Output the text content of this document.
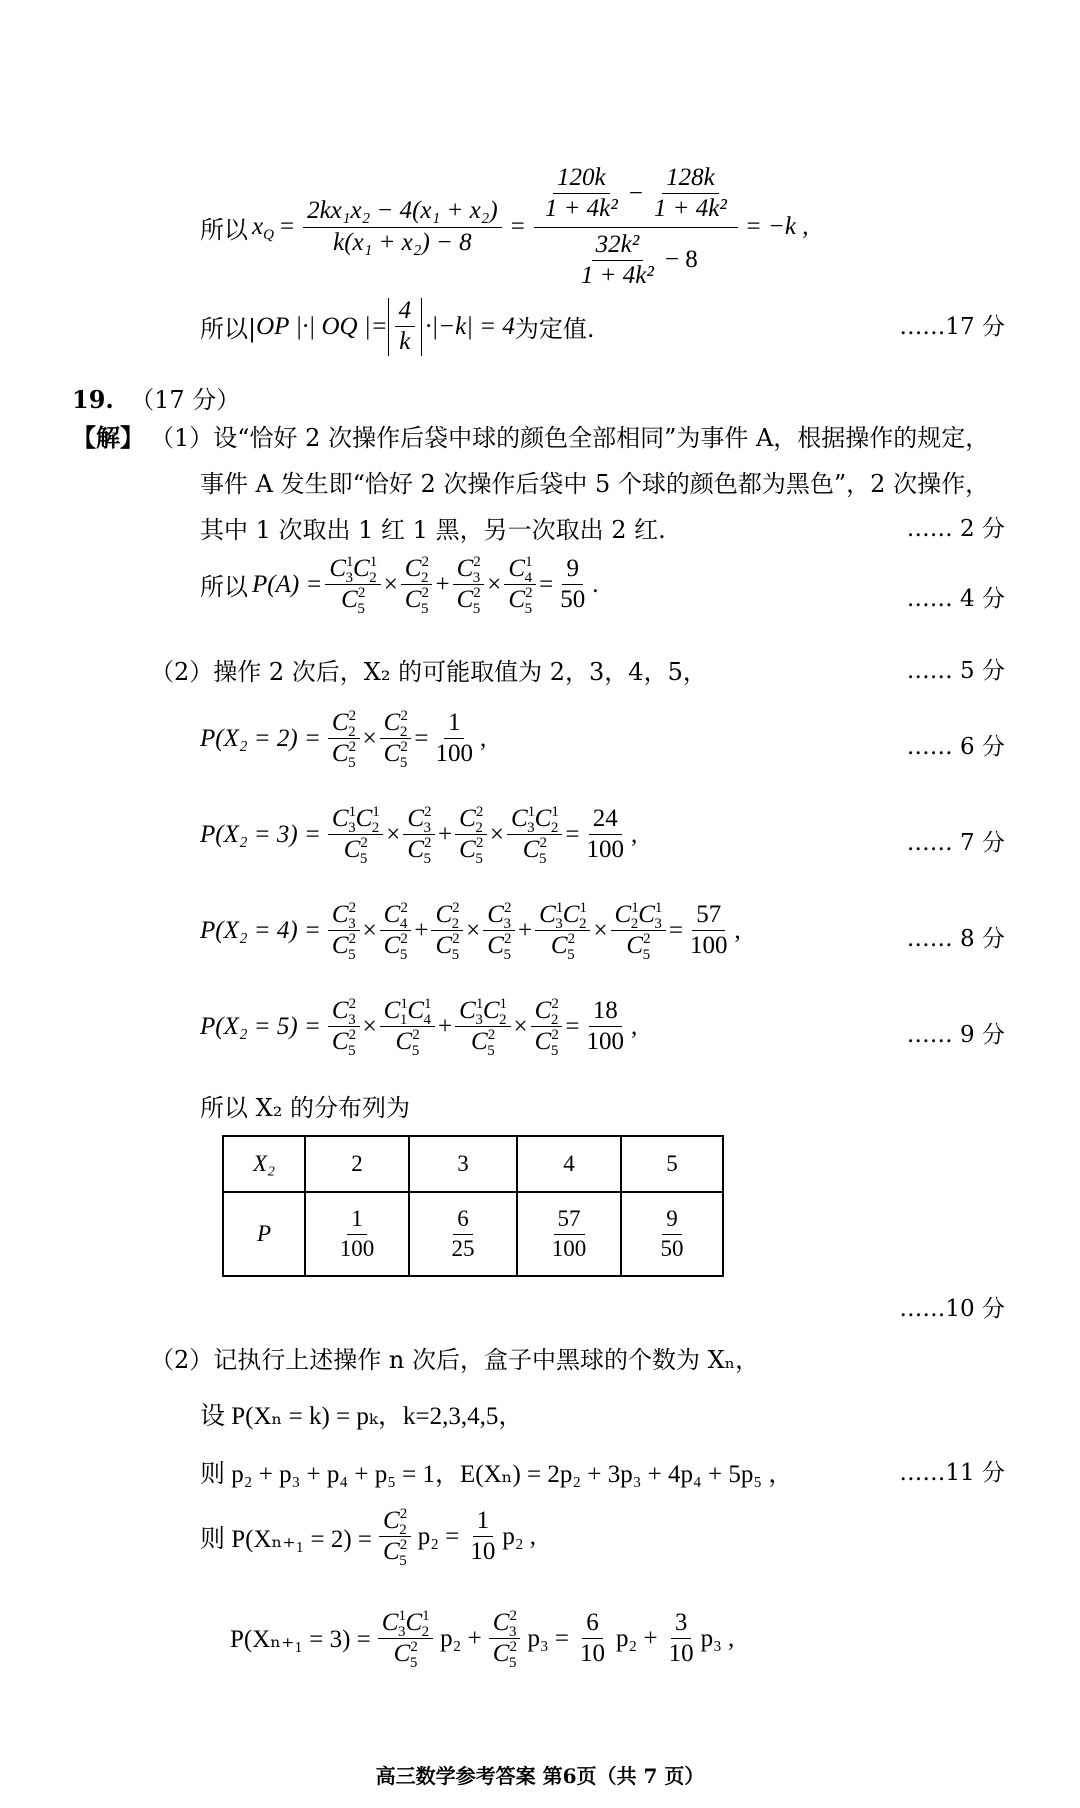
所以 x $Q = \frac{\text{2kx₁x₂ − 4(x₁ + x₂)}}{\text{k(x₁ + x₂) − 8}} = \frac{\frac{120k}{\text{1 + 4k²}} - \frac{128k}{\text{1 + 4k²}}}{\frac{\text{32k²}}{\text{1 + 4k²}} - 8} = -k$ ,
所以| OP |·| OQ |= $\frac{4}{k} \cdot|-k| = 4$ 为定值.	……17 分
19. （17 分）
【解】 （1）设“恰好 2 次操作后袋中球的颜色全部相同”为事件 A，根据操作的规定，
事件 A 发生即“恰好 2 次操作后袋中 5 个球的颜色都为黑色”，2 次操作，
其中 1 次取出 1 红 1 黑，另一次取出 2 红.	…… 2 分
所以 $P(A) = \frac{C^1_3C^1_2}{C^2_5} \times \frac{C^2_2}{C^2_5} + \frac{C^2_3}{C^2_5} \times \frac{C^1_4}{C^2_5} = \frac{9}{50}$ .
…… 4 分
（2）操作 2 次后，X₂ 的可能取值为 2，3，4，5，	…… 5 分
$P(X_2 = 2) = \frac{C^2_2}{C^2_5} \times \frac{C^2_2}{C^2_5} = \frac{1}{100}$ ,	…… 6 分
$P(X_2 = 3) = \frac{C^1_3C^1_2}{C^2_5} \times \frac{C^2_3}{C^2_5} + \frac{C^2_2}{C^2_5} \times \frac{C^1_3C^1_2}{C^2_5} = \frac{24}{100}$ ,	…… 7 分
$P(X_2 = 4) = \frac{C^2_3}{C^2_5} \times \frac{C^2_4}{C^2_5} + \frac{C^2_2}{C^2_5} \times \frac{C^2_3}{C^2_5} + \frac{C^1_3C^1_2}{C^2_5} \times \frac{C^1_2C^1_3}{C^2_5} = \frac{57}{100}$ ,	…… 8 分
$P(X_2 = 5) = \frac{C^2_3}{C^2_5} \times \frac{C^1_1C^1_4}{C^2_5} + \frac{C^1_3C^1_2}{C^2_5} \times \frac{C^2_2}{C^2_5} = \frac{18}{100}$ ,	…… 9 分
所以 X₂ 的分布列为
X₂	2	3	4	5
P	$\frac{1}{100}$	$\frac{6}{25}$	$\frac{57}{100}$	$\frac{9}{50}$
……10 分
（2）记执行上述操作 n 次后，盒子中黑球的个数为 Xₙ，
设 P(Xₙ = k) = pₖ，k=2,3,4,5，
则 p₂ + p₃ + p₄ + p₅ = 1，E(Xₙ) = 2p₂ + 3p₃ + 4p₄ + 5p₅ ，	……11 分
则 $P(X_{n+1} = 2) = \frac{C^2_2}{C^2_5} p_2 = \frac{1}{10} p_2$ ,
$P(X_{n+1} = 3) = \frac{C^1_3C^1_2}{C^2_5} p_2 + \frac{C^2_3}{C^2_5} p_3 = \frac{6}{10} p_2 + \frac{3}{10} p_3$ ,
高三数学参考答案 第6页（共 7 页）
